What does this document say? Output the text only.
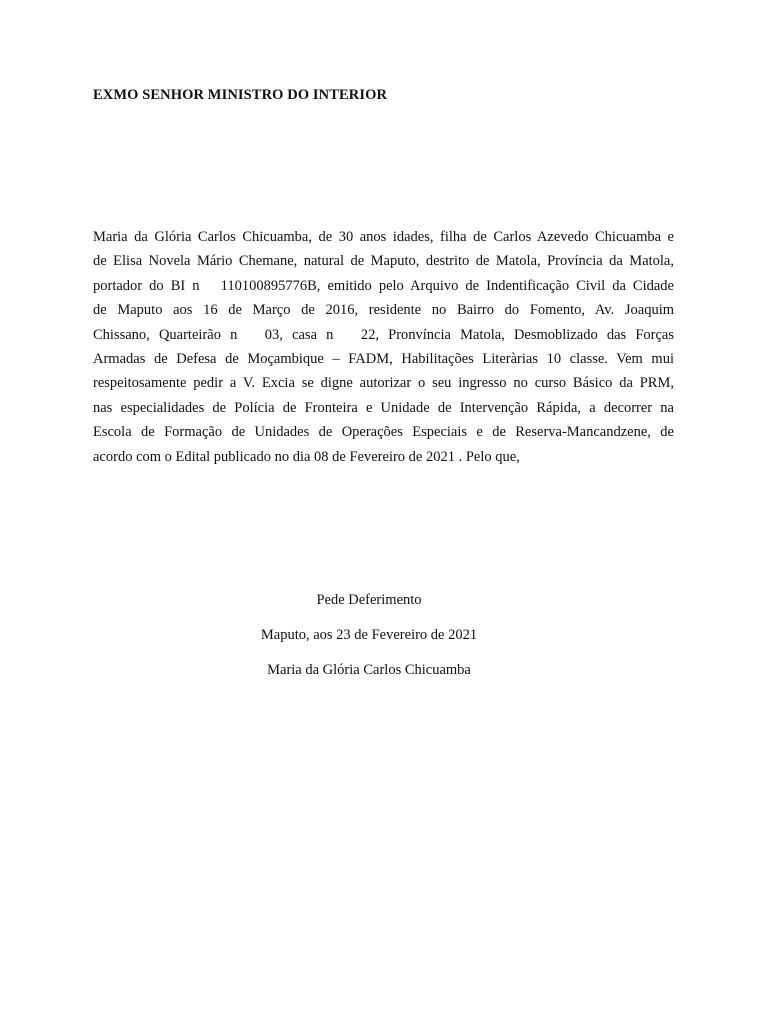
EXMO SENHOR MINISTRO DO INTERIOR
Maria da Glória Carlos Chicuamba, de 30 anos idades, filha de Carlos Azevedo Chicuamba e
de Elisa Novela Mário Chemane, natural de Maputo, destrito de Matola, Província da Matola,
portador do BI n   110100895776B, emitido pelo Arquivo de Indentificação Civil da Cidade
de Maputo aos 16 de Março de 2016, residente no Bairro do Fomento, Av. Joaquim
Chissano, Quarteirão n   03, casa n   22, Pronvíncia Matola, Desmoblizado das Forças
Armadas de Defesa de Moçambique – FADM, Habilitações Literàrias 10 classe. Vem mui
respeitosamente pedir a V. Excia se digne autorizar o seu ingresso no curso Básico da PRM,
nas especialidades de Polícia de Fronteira e Unidade de Intervenção Rápida, a decorrer na
Escola de Formação de Unidades de Operações Especiais e de Reserva-Mancandzene, de
acordo com o Edital publicado no dia 08 de Fevereiro de 2021 . Pelo que,
Pede Deferimento
Maputo, aos 23 de Fevereiro de 2021
Maria da Glória Carlos Chicuamba
